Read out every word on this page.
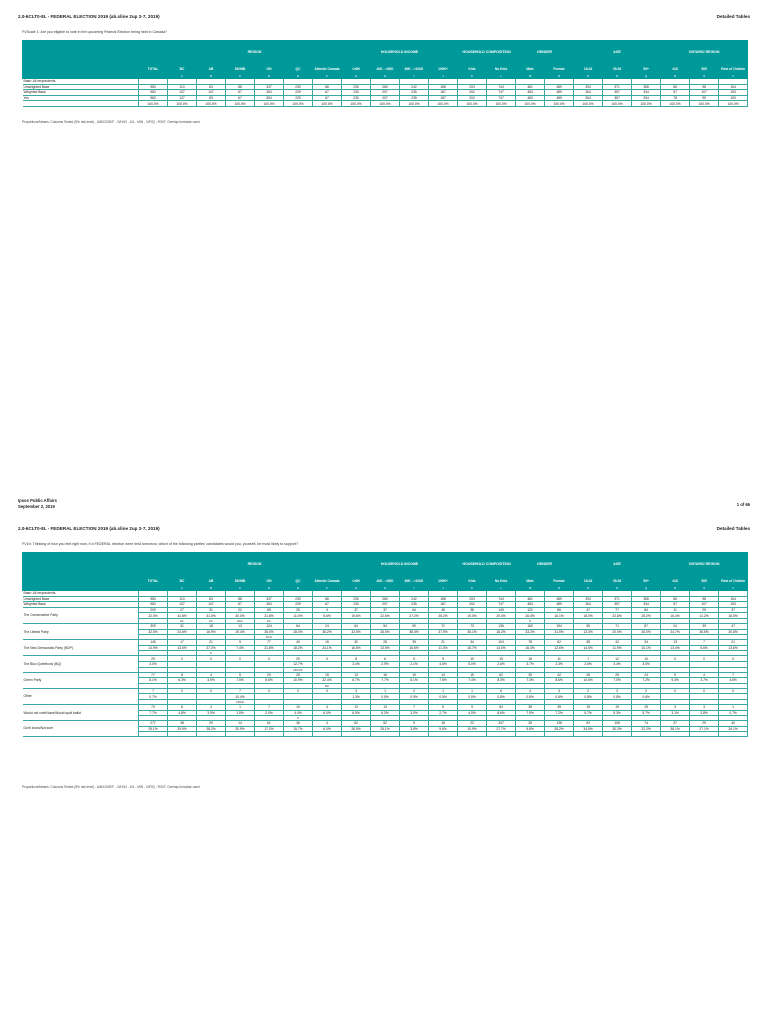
2.0-6CLT0-8L - FEDERAL ELECTION 2019 (ab.sline 2up 2-7, 2019)	Detailed Tables
FVScale 1: Are you eligible to vote in the upcoming Federal Election being held in Canada?
		REGION						HOUSEHOLD INCOME				HOUSEHOLD COMPOSITION		GENDER		AGE			ONTARIO REGION		
	TOTAL	BC	AB	SK/MB	ON	QC	Atlantic Canada	<40K	40K - <60K	60K - <100K	100K+	Kids	No Kids	Male	Female	18-34	35-54	55+	416	905	Rest of Ontario
		A	B	C	D	E	F	G	H	I	J	K	L	M	N	O	P	Q	R	S	T
Base: All respondents																					
Unweighted Base	983	113	83	88	337	230	88	230	280	242	186	203	744	481	489	254	371	358	86	98	154
Weighted Base	983	127	107	67	354	229	67	230	207	235	187	202	747	483	489	264	357	334	97	107	153
Yes	983	127	83	67	354	229	67	230	207	235	187	202	747	483	489	264	357	334	78	95	153
	100.0%	100.0%	100.0%	100.0%	100.0%	100.0%	100.0%	100.0%	100.0%	100.0%	100.0%	100.0%	100.0%	100.0%	100.0%	100.0%	100.0%	100.0%	100.0%	100.0%	100.0%
Proportions/Means: Columns Tested (5% risk level) - A/B/C/D/E/F - G/H/I/J - K/L - M/N - O/P/Q - R/S/T; Overlap formulae used
Ipsos Public Affairs
September 2, 2019	1 of 66
2.0-6CLT0-8L - FEDERAL ELECTION 2019 (ab.sline 2up 2-7, 2019)	Detailed Tables
FV1b: Thinking of how you feel right now, if a FEDERAL election were held tomorrow, which of the following parties' candidates would you, yourself, be most likely to support?
		REGION						HOUSEHOLD INCOME				HOUSEHOLD COMPOSITION		GENDER		AGE			ONTARIO REGION		
	TOTAL	BC	AB	SK/MB	ON	QC	Atlantic Canada	<40K	40K - <60K	60K - <100K	100K+	Kids	No Kids	Male	Female	18-34	35-54	55+	416	905	Rest of Ontario
		A	B	C	D	E	F	G	H	I	J	K	L	M	N	O	P	Q	R	S	T
Base: All respondents																					
Unweighted Base	983	113	83	88	337	230	88	230	280	242	186	203	744	481	489	254	371	358	86	98	154
Weighted Base	983	127	107	67	354	229	67	230	207	235	187	202	747	483	489	264	357	334	97	107	153
The Conservative Party	209	27	31	22	65	25	4	37	37	64	48	38	149	122	86	47	77	84	11	25	37
	22.0%	41.6%	31.0%	30.0%	21.8%	11.0%	5.6%	19.6%	22.6%	27.2%	26.2%	19.0%	20.4%	26.4%	16.1%	18.0%	22.8%	25.2%	16.4%	11.2%	16.5%
		EF	EF	EEF	EF									N							
The Liberal Party	309	31	18	13	124	64	24	64	54	90	71	73	136	160	154	35	71	87	24	39	47
	32.5%	24.6%	16.9%	19.4%	35.0%	28.0%	36.2%	32.5%	26.0%	38.3%	37.9%	36.1%	18.2%	33.2%	31.5%	13.3%	20.0%	26.0%	24.7%	36.5%	30.8%
					BCE																
The New Democratic Party (NDP)	140	17	21	5	77	40	16	30	28	39	21	34	104	78	62	38	42	34	13	7	21
	14.9%	13.6%	27.2%	7.4%	21.8%	18.2%	24.1%	16.6%	13.5%	16.6%	11.3%	16.7%	14.0%	16.3%	12.6%	14.5%	11.9%	10.1%	13.4%	6.6%	13.6%
			D																		
The Bloc Québécois (BQ)	29	0	0	0	0	29	0	8	6	5	9	10	19	18	11	7	12	10	0	0	0
	3.0%					12.7%		3.4%	2.9%	2.1%	4.6%	5.0%	2.6%	3.7%	2.3%	2.6%	3.4%	3.0%			
						ABCDF															
Green Party	77	8	4	5	20	25	15	13	16	19	14	15	62	35	42	28	25	24	9	4	7
	8.1%	6.3%	3.9%	7.5%	5.6%	10.9%	22.4%	6.7%	7.7%	8.1%	7.5%	7.4%	8.3%	7.3%	8.6%	10.6%	7.0%	7.2%	9.3%	3.7%	4.6%
							BD														
Other	7	0	0	7	0	0	0	3	1	2	1	1	6	4	3	2	3	2	0	0	0
	0.7%			10.4%				1.3%	0.5%	0.9%	0.5%	0.5%	0.8%	0.8%	0.6%	0.8%	0.8%	0.6%			
				ABDE																	
Would not vote/None/Would spoil ballot	73	6	4	1	7	10	4	13	13	7	5	9	64	38	35	15	19	19	3	3	1
	7.7%	4.8%	3.9%	1.5%	2.0%	4.4%	6.0%	6.9%	6.3%	3.0%	2.7%	4.5%	8.6%	7.9%	7.2%	5.7%	5.3%	5.7%	3.1%	2.8%	0.7%
						D															
Don't know/Not sure	277	38	29	14	61	36	4	62	52	9	18	22	207	28	138	92	108	74	37	29	40
	29.1%	29.9%	28.2%	20.9%	17.2%	15.7%	6.0%	26.9%	25.1%	3.8%	9.6%	10.9%	27.7%	5.8%	28.2%	34.8%	30.3%	22.2%	38.1%	27.1%	26.1%

Proportions/Means: Columns Tested (5% risk level) - A/B/C/D/E/F - G/H/I/J - K/L - M/N - O/P/Q - R/S/T; Overlap formulae used
